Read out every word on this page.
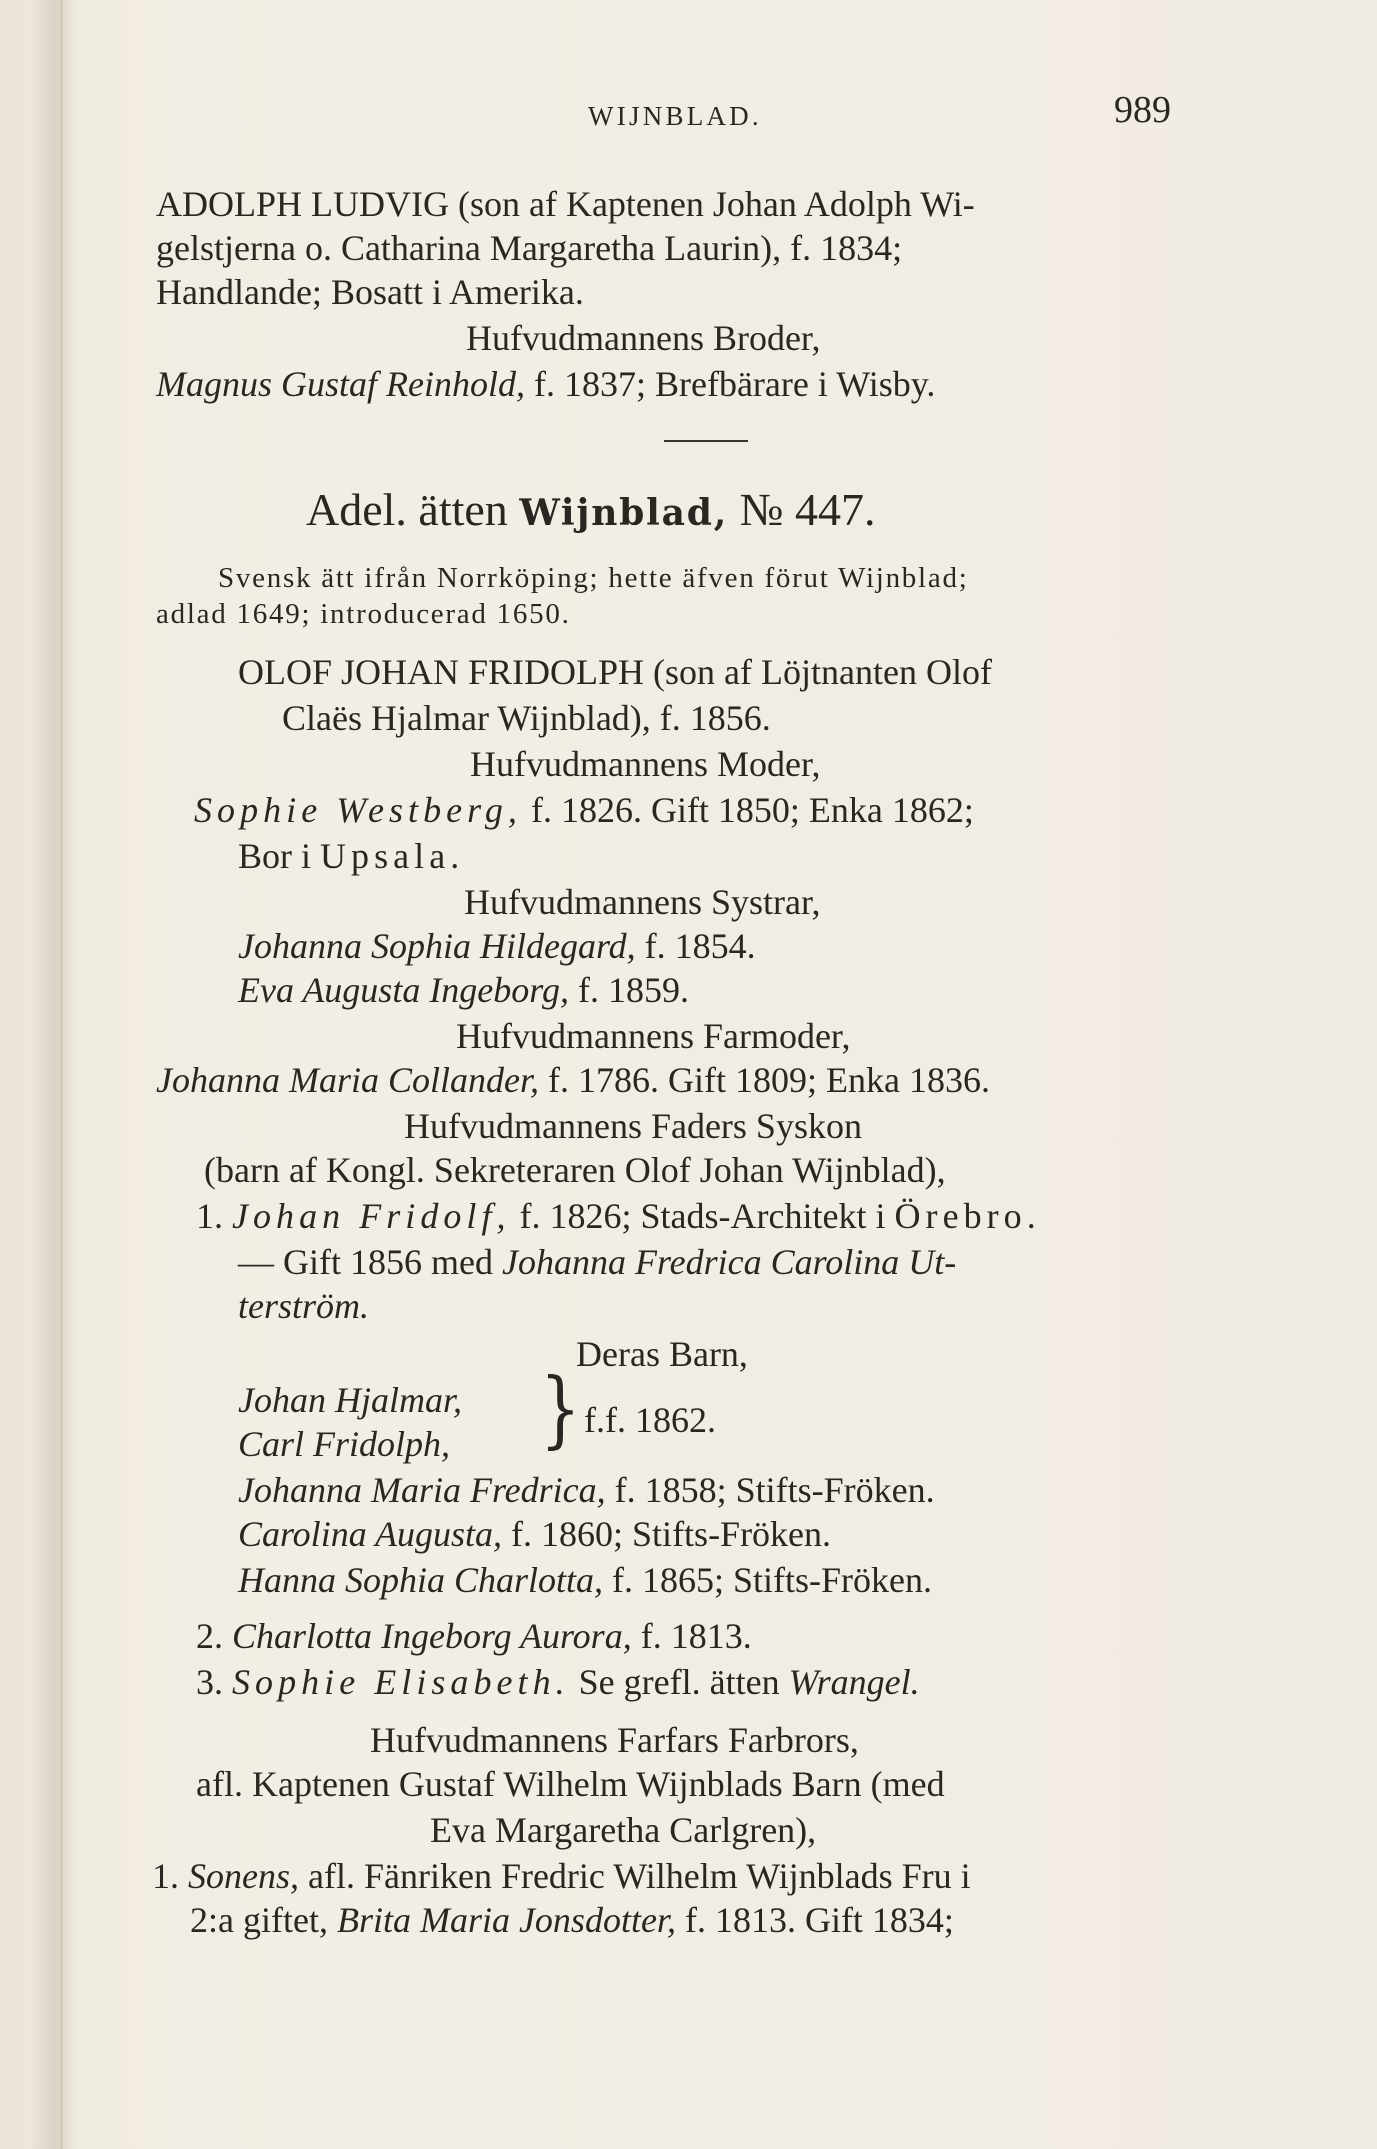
WIJNBLAD.	989
ADOLPH LUDVIG (son af Kaptenen Johan Adolph Wi-
gelstjerna o. Catharina Margaretha Laurin), f. 1834;
Handlande; Bosatt i Amerika.
Hufvudmannens Broder,
Magnus Gustaf Reinhold, f. 1837; Brefbärare i Wisby.
Adel. ätten Wijnblad, № 447.
Svensk ätt ifrån Norrköping; hette äfven förut Wijnblad;
adlad 1649; introducerad 1650.
OLOF JOHAN FRIDOLPH (son af Löjtnanten Olof
Claës Hjalmar Wijnblad), f. 1856.
Hufvudmannens Moder,
Sophie Westberg, f. 1826. Gift 1850; Enka 1862;
Bor i Upsala.
Hufvudmannens Systrar,
Johanna Sophia Hildegard, f. 1854.
Eva Augusta Ingeborg, f. 1859.
Hufvudmannens Farmoder,
Johanna Maria Collander, f. 1786. Gift 1809; Enka 1836.
Hufvudmannens Faders Syskon
(barn af Kongl. Sekreteraren Olof Johan Wijnblad),
1. Johan Fridolf, f. 1826; Stads-Architekt i Örebro.
— Gift 1856 med Johanna Fredrica Carolina Ut-
terström.
Deras Barn,
Johan Hjalmar,
Carl Fridolph, } f.f. 1862.
Johanna Maria Fredrica, f. 1858; Stifts-Fröken.
Carolina Augusta, f. 1860; Stifts-Fröken.
Hanna Sophia Charlotta, f. 1865; Stifts-Fröken.
2. Charlotta Ingeborg Aurora, f. 1813.
3. Sophie Elisabeth. Se grefl. ätten Wrangel.
Hufvudmannens Farfars Farbrors,
afl. Kaptenen Gustaf Wilhelm Wijnblads Barn (med
Eva Margaretha Carlgren),
1. Sonens, afl. Fänriken Fredric Wilhelm Wijnblads Fru i
2:a giftet, Brita Maria Jonsdotter, f. 1813. Gift 1834;
